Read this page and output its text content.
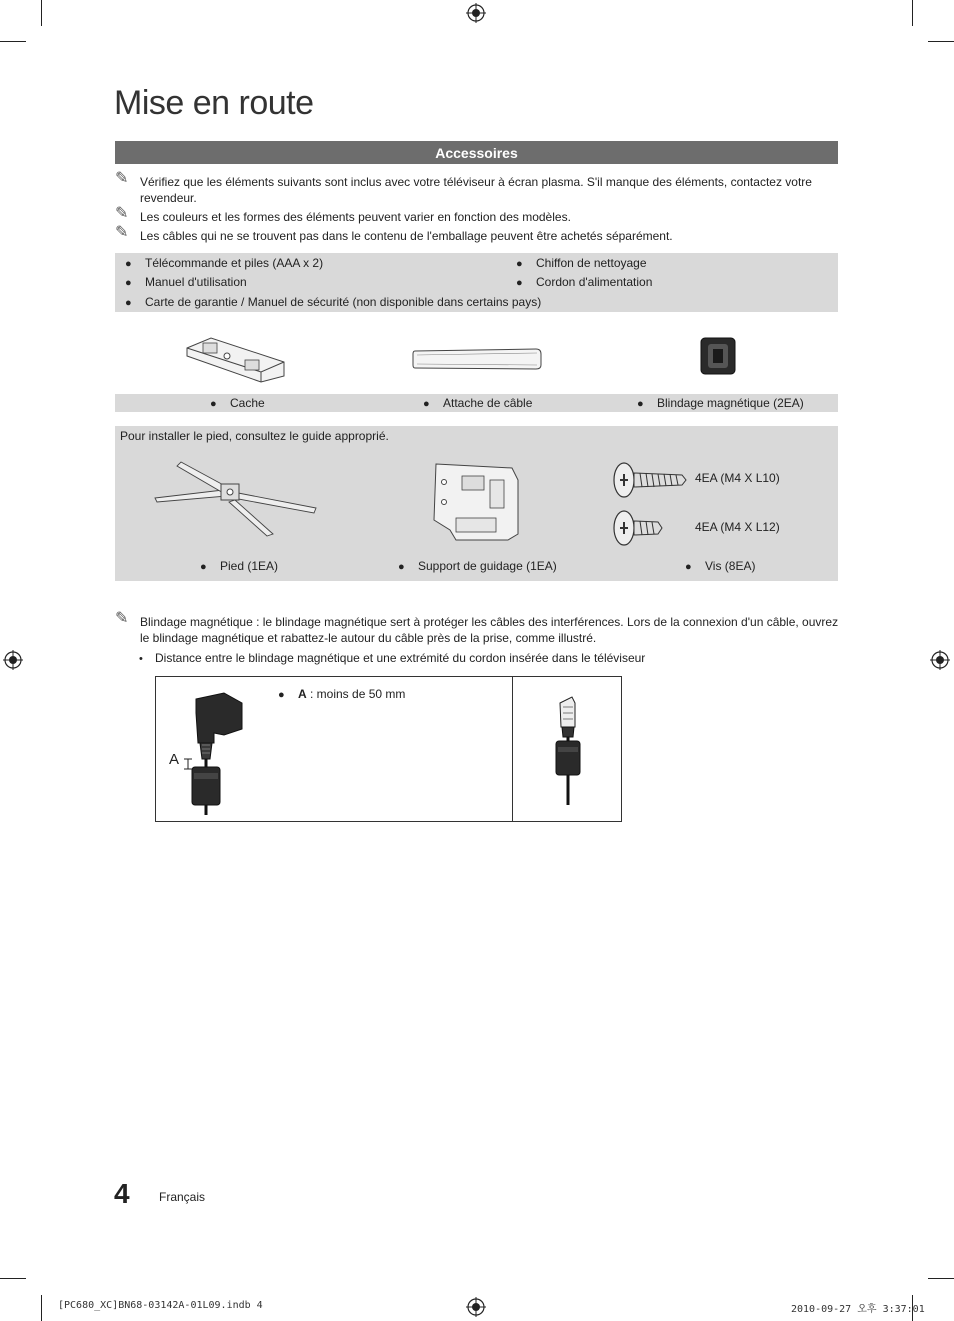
Mise en route
Accessoires
✎ Vérifiez que les éléments suivants sont inclus avec votre téléviseur à écran plasma. S'il manque des éléments, contactez votre revendeur.
✎ Les couleurs et les formes des éléments peuvent varier en fonction des modèles.
✎ Les câbles qui ne se trouvent pas dans le contenu de l'emballage peuvent être achetés séparément.
● Télécommande et piles (AAA x 2)
● Manuel d'utilisation
● Carte de garantie / Manuel de sécurité (non disponible dans certains pays)
● Chiffon de nettoyage
● Cordon d'alimentation
● Cache	● Attache de câble	● Blindage magnétique (2EA)
Pour installer le pied, consultez le guide approprié.
● Pied (1EA)	● Support de guidage (1EA)	● Vis (8EA)
4EA (M4 X L10)
4EA (M4 X L12)
✎ Blindage magnétique : le blindage magnétique sert à protéger les câbles des interférences. Lors de la connexion d'un câble, ouvrez le blindage magnétique et rabattez-le autour du câble près de la prise, comme illustré.
• Distance entre le blindage magnétique et une extrémité du cordon insérée dans le téléviseur
● A : moins de 50 mm
A
4 Français
[PC680_XC]BN68-03142A-01L09.indb 4	2010-09-27 오후 3:37:01
